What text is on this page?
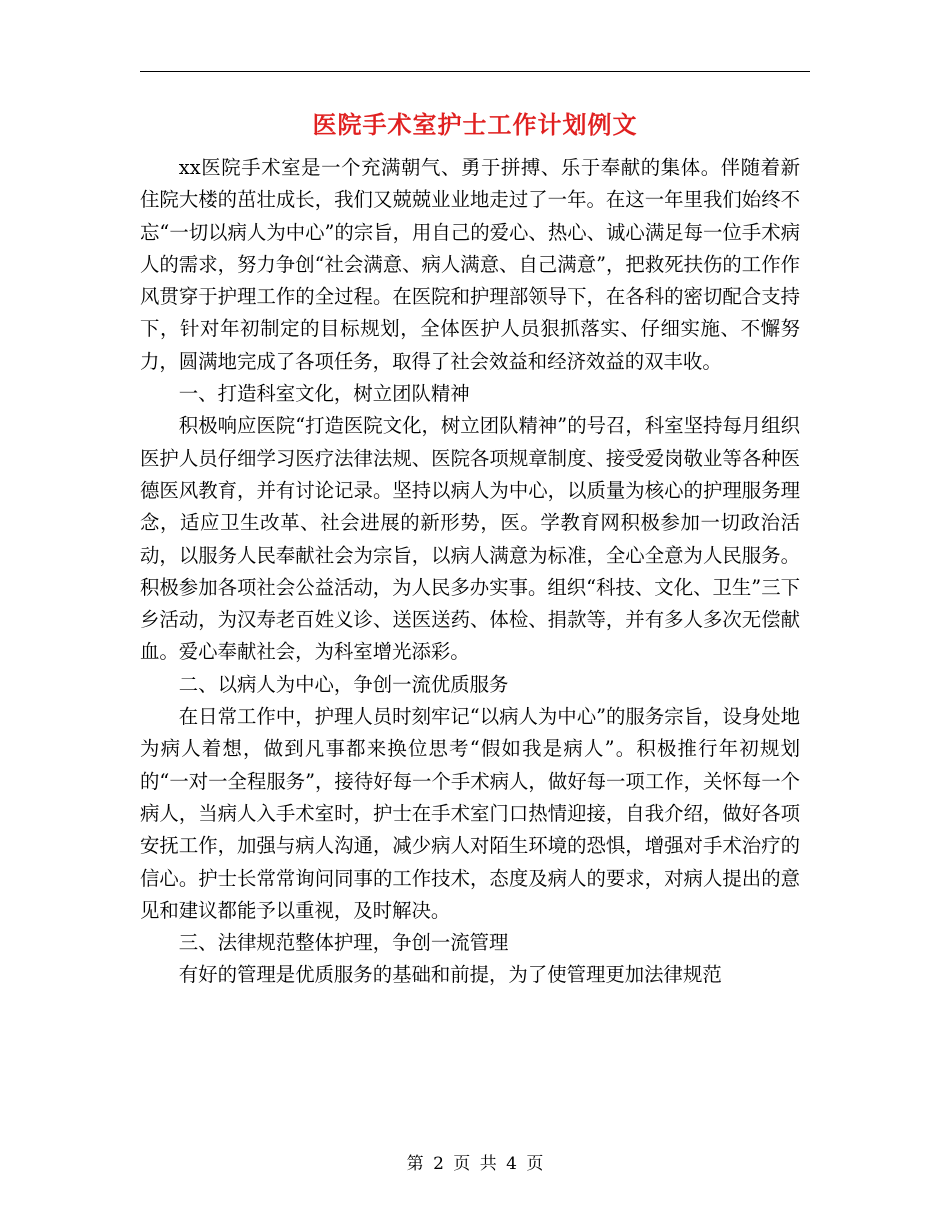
医院手术室护士工作计划例文

xx医院手术室是一个充满朝气、勇于拼搏、乐于奉献的集体。伴随着新住院大楼的茁壮成长，我们又兢兢业业地走过了一年。在这一年里我们始终不忘“一切以病人为中心”的宗旨，用自己的爱心、热心、诚心满足每一位手术病人的需求，努力争创“社会满意、病人满意、自己满意”，把救死扶伤的工作作风贯穿于护理工作的全过程。在医院和护理部领导下，在各科的密切配合支持下，针对年初制定的目标规划，全体医护人员狠抓落实、仔细实施、不懈努力，圆满地完成了各项任务，取得了社会效益和经济效益的双丰收。

一、打造科室文化，树立团队精神

积极响应医院“打造医院文化，树立团队精神”的号召，科室坚持每月组织医护人员仔细学习医疗法律法规、医院各项规章制度、接受爱岗敬业等各种医德医风教育，并有讨论记录。坚持以病人为中心，以质量为核心的护理服务理念，适应卫生改革、社会进展的新形势，医。学教育网积极参加一切政治活动，以服务人民奉献社会为宗旨，以病人满意为标准，全心全意为人民服务。积极参加各项社会公益活动，为人民多办实事。组织“科技、文化、卫生”三下乡活动，为汉寿老百姓义诊、送医送药、体检、捐款等，并有多人多次无偿献血。爱心奉献社会，为科室增光添彩。

二、以病人为中心，争创一流优质服务

在日常工作中，护理人员时刻牢记“以病人为中心”的服务宗旨，设身处地为病人着想，做到凡事都来换位思考“假如我是病人”。积极推行年初规划的“一对一全程服务”，接待好每一个手术病人，做好每一项工作，关怀每一个病人，当病人入手术室时，护士在手术室门口热情迎接，自我介绍，做好各项安抚工作，加强与病人沟通，减少病人对陌生环境的恐惧，增强对手术治疗的信心。护士长常常询问同事的工作技术，态度及病人的要求，对病人提出的意见和建议都能予以重视，及时解决。

三、法律规范整体护理，争创一流管理

有好的管理是优质服务的基础和前提，为了使管理更加法律规范

第 2 页 共 4 页
